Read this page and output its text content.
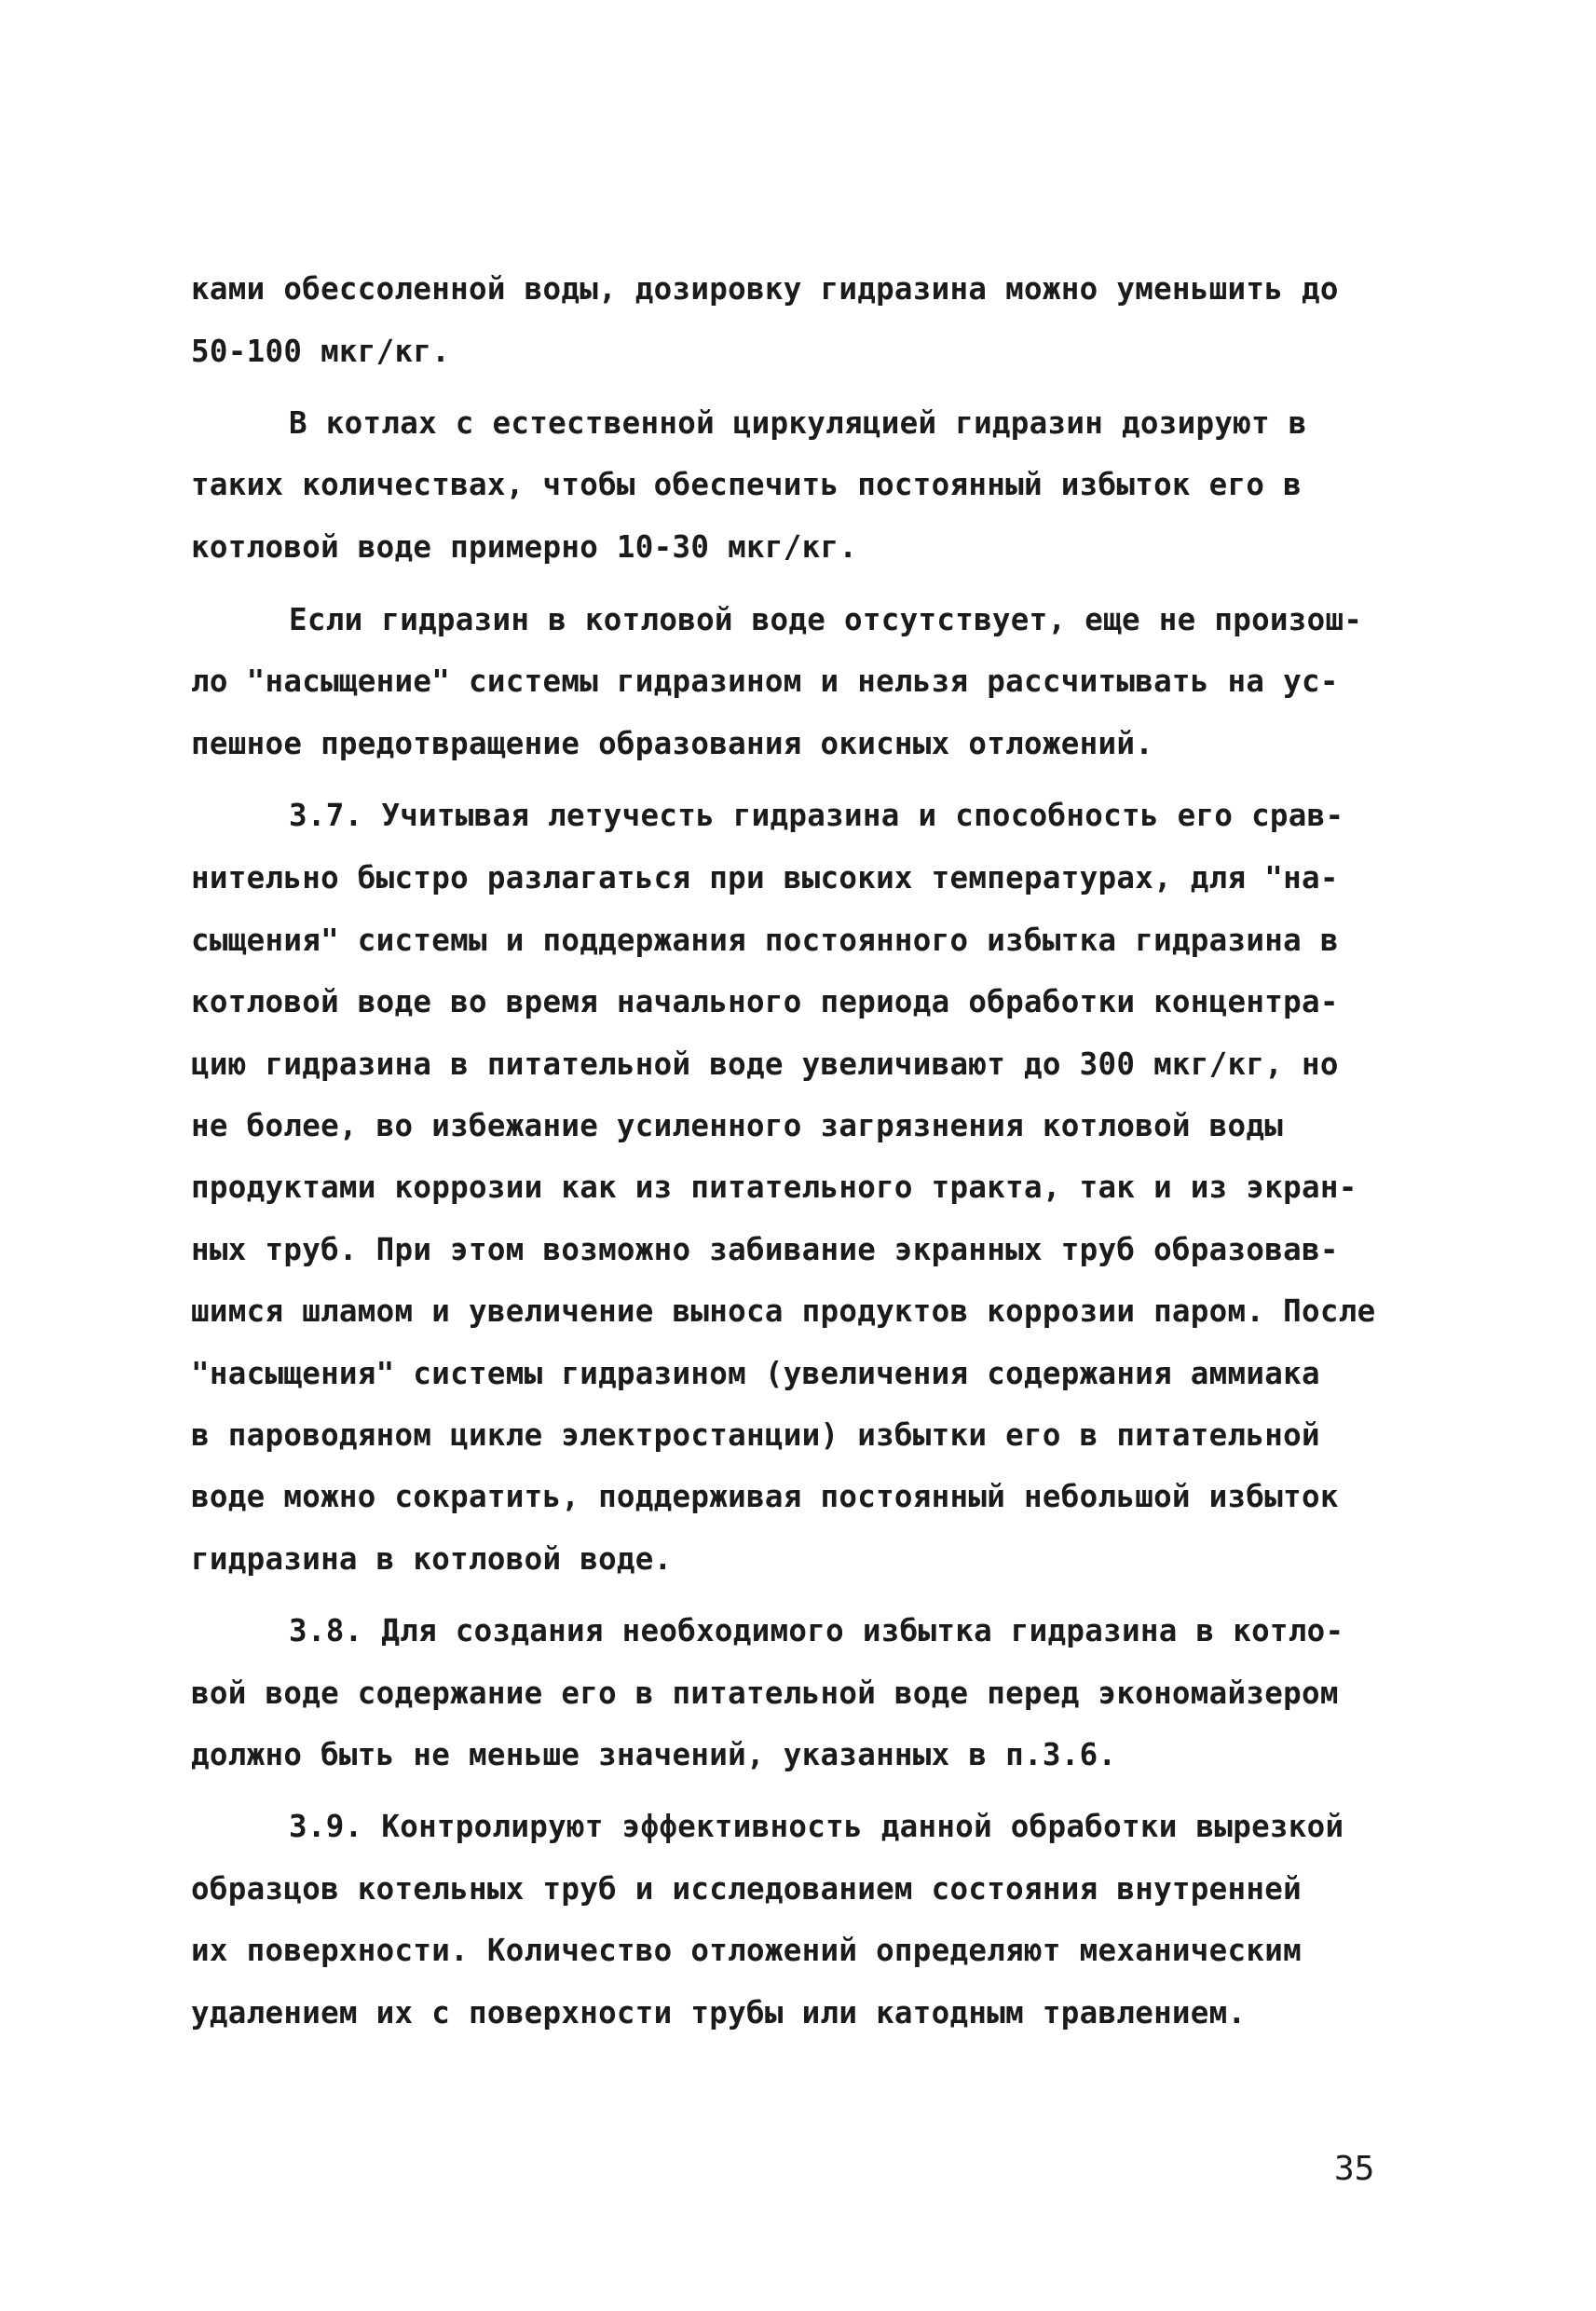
ками обессоленной воды, дозировку гидразина можно уменьшить до

50-100 мкг/кг.

В котлах с естественной циркуляцией гидразин дозируют в

таких количествах, чтобы обеспечить постоянный избыток его в

котловой воде примерно 10-30 мкг/кг.

Если гидразин в котловой воде отсутствует, еще не произош-

ло "насыщение" системы гидразином и нельзя рассчитывать на ус-

пешное предотвращение образования окисных отложений.

3.7. Учитывая летучесть гидразина и способность его срав-

нительно быстро разлагаться при высоких температурах, для "на-

сыщения" системы и поддержания постоянного избытка гидразина в

котловой воде во время начального периода обработки концентра-

цию гидразина в питательной воде увеличивают до 300 мкг/кг, но

не более, во избежание усиленного загрязнения котловой воды

продуктами коррозии как из питательного тракта, так и из экран-

ных труб. При этом возможно забивание экранных труб образовав-

шимся шламом и увеличение выноса продуктов коррозии паром. После

"насыщения" системы гидразином (увеличения содержания аммиака

в пароводяном цикле электростанции) избытки его в питательной

воде можно сократить, поддерживая постоянный небольшой избыток

гидразина в котловой воде.

3.8. Для создания необходимого избытка гидразина в котло-

вой воде содержание его в питательной воде перед экономайзером

должно быть не меньше значений, указанных в п.3.6.

3.9. Контролируют эффективность данной обработки вырезкой

образцов котельных труб и исследованием состояния внутренней

их поверхности. Количество отложений определяют механическим

удалением их с поверхности трубы или катодным травлением.

35
